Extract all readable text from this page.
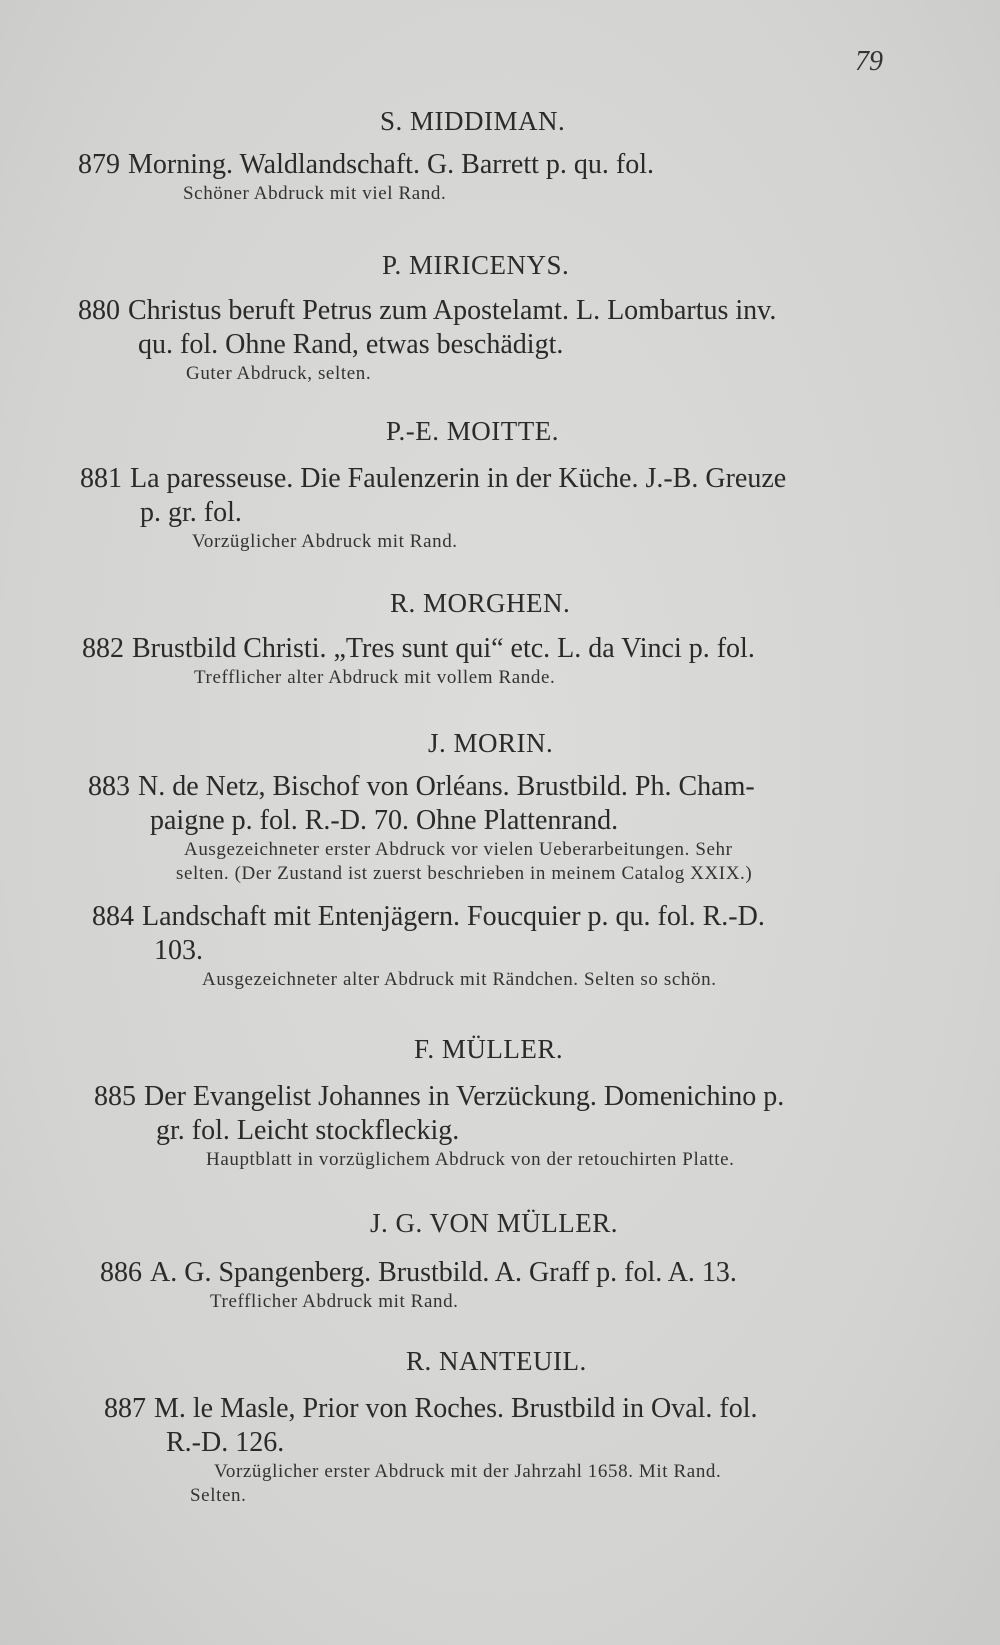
79
S. MIDDIMAN.
P. MIRICENYS.
P.-E. MOITTE.
R. MORGHEN.
J. MORIN.
F. MÜLLER.
J. G. VON MÜLLER.
R. NANTEUIL.
879 Morning. Waldlandschaft. G. Barrett p. qu. fol.
Schöner Abdruck mit viel Rand.
880 Christus beruft Petrus zum Apostelamt. L. Lombartus inv.
qu. fol. Ohne Rand, etwas beschädigt.
Guter Abdruck, selten.
881 La paresseuse. Die Faulenzerin in der Küche. J.-B. Greuze
p. gr. fol.
Vorzüglicher Abdruck mit Rand.
882 Brustbild Christi. „Tres sunt qui“ etc. L. da Vinci p. fol.
Trefflicher alter Abdruck mit vollem Rande.
883 N. de Netz, Bischof von Orléans. Brustbild. Ph. Cham-
paigne p. fol. R.-D. 70. Ohne Plattenrand.
Ausgezeichneter erster Abdruck vor vielen Ueberarbeitungen. Sehr
selten. (Der Zustand ist zuerst beschrieben in meinem Catalog XXIX.)
884 Landschaft mit Entenjägern. Foucquier p. qu. fol. R.-D.
103.
Ausgezeichneter alter Abdruck mit Rändchen. Selten so schön.
885 Der Evangelist Johannes in Verzückung. Domenichino p.
gr. fol. Leicht stockfleckig.
Hauptblatt in vorzüglichem Abdruck von der retouchirten Platte.
886 A. G. Spangenberg. Brustbild. A. Graff p. fol. A. 13.
Trefflicher Abdruck mit Rand.
887 M. le Masle, Prior von Roches. Brustbild in Oval. fol.
R.-D. 126.
Vorzüglicher erster Abdruck mit der Jahrzahl 1658. Mit Rand.
Selten.
